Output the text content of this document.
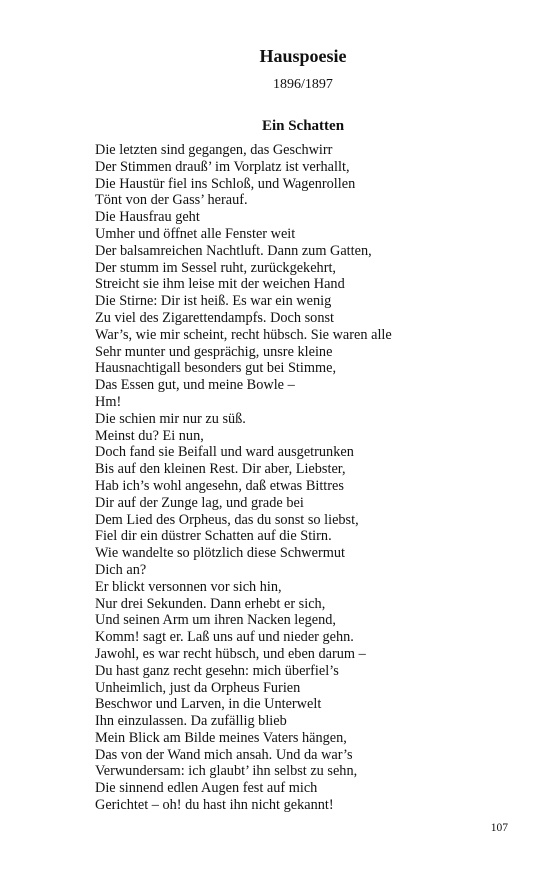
Hauspoesie
1896/1897
Ein Schatten
Die letzten sind gegangen, das Geschwirr
Der Stimmen drauß’ im Vorplatz ist verhallt,
Die Haustür fiel ins Schloß, und Wagenrollen
Tönt von der Gass’ herauf.
Die Hausfrau geht
Umher und öffnet alle Fenster weit
Der balsamreichen Nachtluft. Dann zum Gatten,
Der stumm im Sessel ruht, zurückgekehrt,
Streicht sie ihm leise mit der weichen Hand
Die Stirne: Dir ist heiß. Es war ein wenig
Zu viel des Zigarettendampfs. Doch sonst
War’s, wie mir scheint, recht hübsch. Sie waren alle
Sehr munter und gesprächig, unsre kleine
Hausnachtigall besonders gut bei Stimme,
Das Essen gut, und meine Bowle –
Hm!
Die schien mir nur zu süß.
Meinst du? Ei nun,
Doch fand sie Beifall und ward ausgetrunken
Bis auf den kleinen Rest. Dir aber, Liebster,
Hab ich’s wohl angesehn, daß etwas Bittres
Dir auf der Zunge lag, und grade bei
Dem Lied des Orpheus, das du sonst so liebst,
Fiel dir ein düstrer Schatten auf die Stirn.
Wie wandelte so plötzlich diese Schwermut
Dich an?
Er blickt versonnen vor sich hin,
Nur drei Sekunden. Dann erhebt er sich,
Und seinen Arm um ihren Nacken legend,
Komm! sagt er. Laß uns auf und nieder gehn.
Jawohl, es war recht hübsch, und eben darum –
Du hast ganz recht gesehn: mich überfiel’s
Unheimlich, just da Orpheus Furien
Beschwor und Larven, in die Unterwelt
Ihn einzulassen. Da zufällig blieb
Mein Blick am Bilde meines Vaters hängen,
Das von der Wand mich ansah. Und da war’s
Verwundersam: ich glaubt’ ihn selbst zu sehn,
Die sinnend edlen Augen fest auf mich
Gerichtet – oh! du hast ihn nicht gekannt!
107
